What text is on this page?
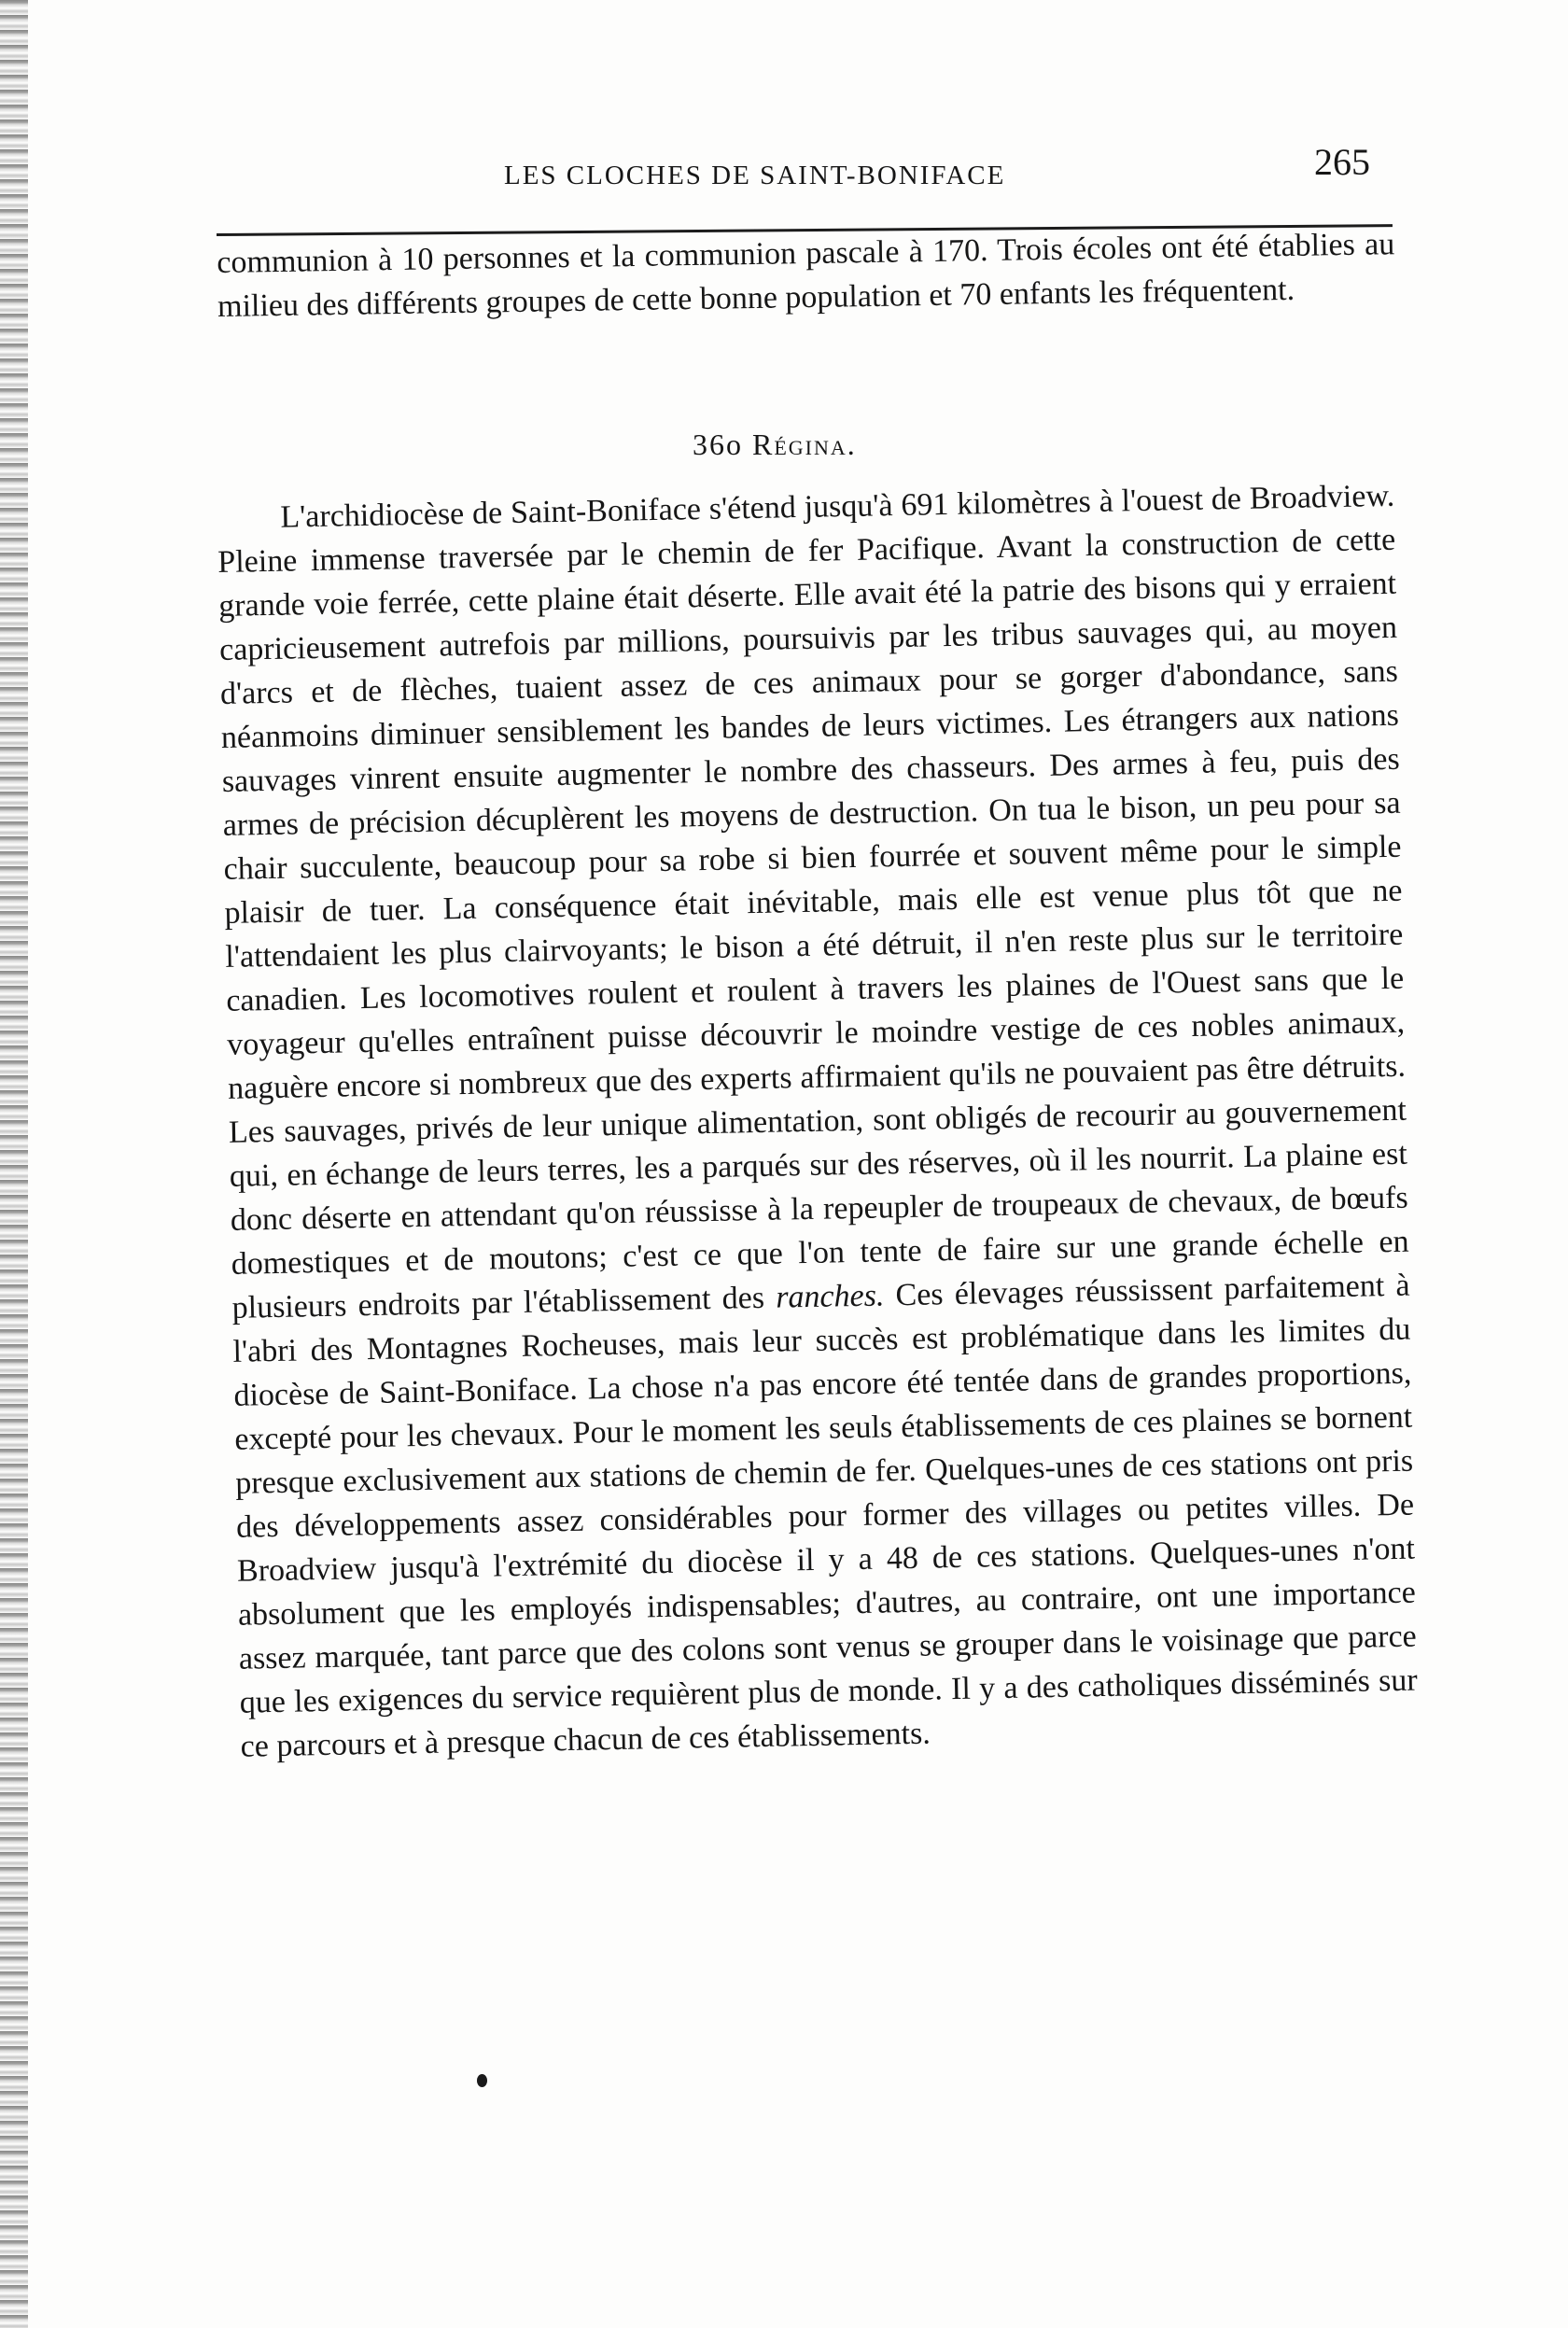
LES CLOCHES DE SAINT-BONIFACE	265

communion à 10 personnes et la communion pascale à 170. Trois écoles ont été établies au milieu des différents groupes de cette bonne population et 70 enfants les fréquentent.

36o Régina.

L'archidiocèse de Saint-Boniface s'étend jusqu'à 691 kilomètres à l'ouest de Broadview. Pleine immense traversée par le chemin de fer Pacifique. Avant la construction de cette grande voie ferrée, cette plaine était déserte. Elle avait été la patrie des bisons qui y erraient capricieusement autrefois par millions, poursuivis par les tribus sauvages qui, au moyen d'arcs et de flèches, tuaient assez de ces animaux pour se gorger d'abondance, sans néanmoins diminuer sensiblement les bandes de leurs victimes. Les étrangers aux nations sauvages vinrent ensuite augmenter le nombre des chasseurs. Des armes à feu, puis des armes de précision décuplèrent les moyens de destruction. On tua le bison, un peu pour sa chair succulente, beaucoup pour sa robe si bien fourrée et souvent même pour le simple plaisir de tuer. La conséquence était inévitable, mais elle est venue plus tôt que ne l'attendaient les plus clairvoyants; le bison a été détruit, il n'en reste plus sur le territoire canadien. Les locomotives roulent et roulent à travers les plaines de l'Ouest sans que le voyageur qu'elles entraînent puisse découvrir le moindre vestige de ces nobles animaux, naguère encore si nombreux que des experts affirmaient qu'ils ne pouvaient pas être détruits. Les sauvages, privés de leur unique alimentation, sont obligés de recourir au gouvernement qui, en échange de leurs terres, les a parqués sur des réserves, où il les nourrit. La plaine est donc déserte en attendant qu'on réussisse à la repeupler de troupeaux de chevaux, de bœufs domestiques et de moutons; c'est ce que l'on tente de faire sur une grande échelle en plusieurs endroits par l'établissement des ranches. Ces élevages réussissent parfaitement à l'abri des Montagnes Rocheuses, mais leur succès est problématique dans les limites du diocèse de Saint-Boniface. La chose n'a pas encore été tentée dans de grandes proportions, excepté pour les chevaux. Pour le moment les seuls établissements de ces plaines se bornent presque exclusivement aux stations de chemin de fer. Quelques-unes de ces stations ont pris des développements assez considérables pour former des villages ou petites villes. De Broadview jusqu'à l'extrémité du diocèse il y a 48 de ces stations. Quelques-unes n'ont absolument que les employés indispensables; d'autres, au contraire, ont une importance assez marquée, tant parce que des colons sont venus se grouper dans le voisinage que parce que les exigences du service requièrent plus de monde. Il y a des catholiques disséminés sur ce parcours et à presque chacun de ces établissements.
